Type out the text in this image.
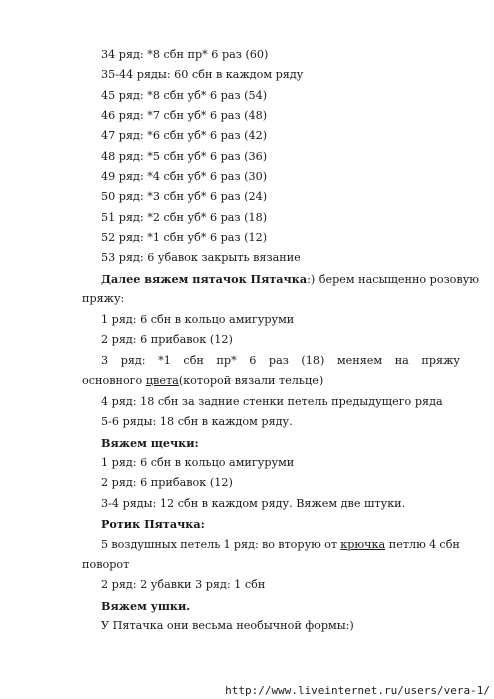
34 ряд: *8 сбн пр* 6 раз (60)
35-44 ряды: 60 сбн в каждом ряду
45 ряд: *8 сбн уб* 6 раз (54)
46 ряд: *7 сбн уб* 6 раз (48)
47 ряд: *6 сбн уб* 6 раз (42)
48 ряд: *5 сбн уб* 6 раз (36)
49 ряд: *4 сбн уб* 6 раз (30)
50 ряд: *3 сбн уб* 6 раз (24)
51 ряд: *2 сбн уб* 6 раз (18)
52 ряд: *1 сбн уб* 6 раз (12)
53 ряд: 6 убавок закрыть вязание
Далее вяжем пятачок Пятачка:) берем насыщенно розовую
пряжу:
1 ряд: 6 сбн в кольцо амигуруми
2 ряд: 6 прибавок (12)
3 ряд: *1 сбн пр* 6 раз (18) меняем на пряжу
основного цвета(которой вязали тельце)
4 ряд: 18 сбн за задние стенки петель предыдущего ряда
5-6 ряды: 18 сбн в каждом ряду.
Вяжем щечки:
1 ряд: 6 сбн в кольцо амигуруми
2 ряд: 6 прибавок (12)
3-4 ряды: 12 сбн в каждом ряду. Вяжем две штуки.
Ротик Пятачка:
5 воздушных петель 1 ряд: во вторую от крючка петлю 4 сбн
поворот
2 ряд: 2 убавки 3 ряд: 1 сбн
Вяжем ушки.
У Пятачка они весьма необычной формы:)
http://www.liveinternet.ru/users/vera-1/
